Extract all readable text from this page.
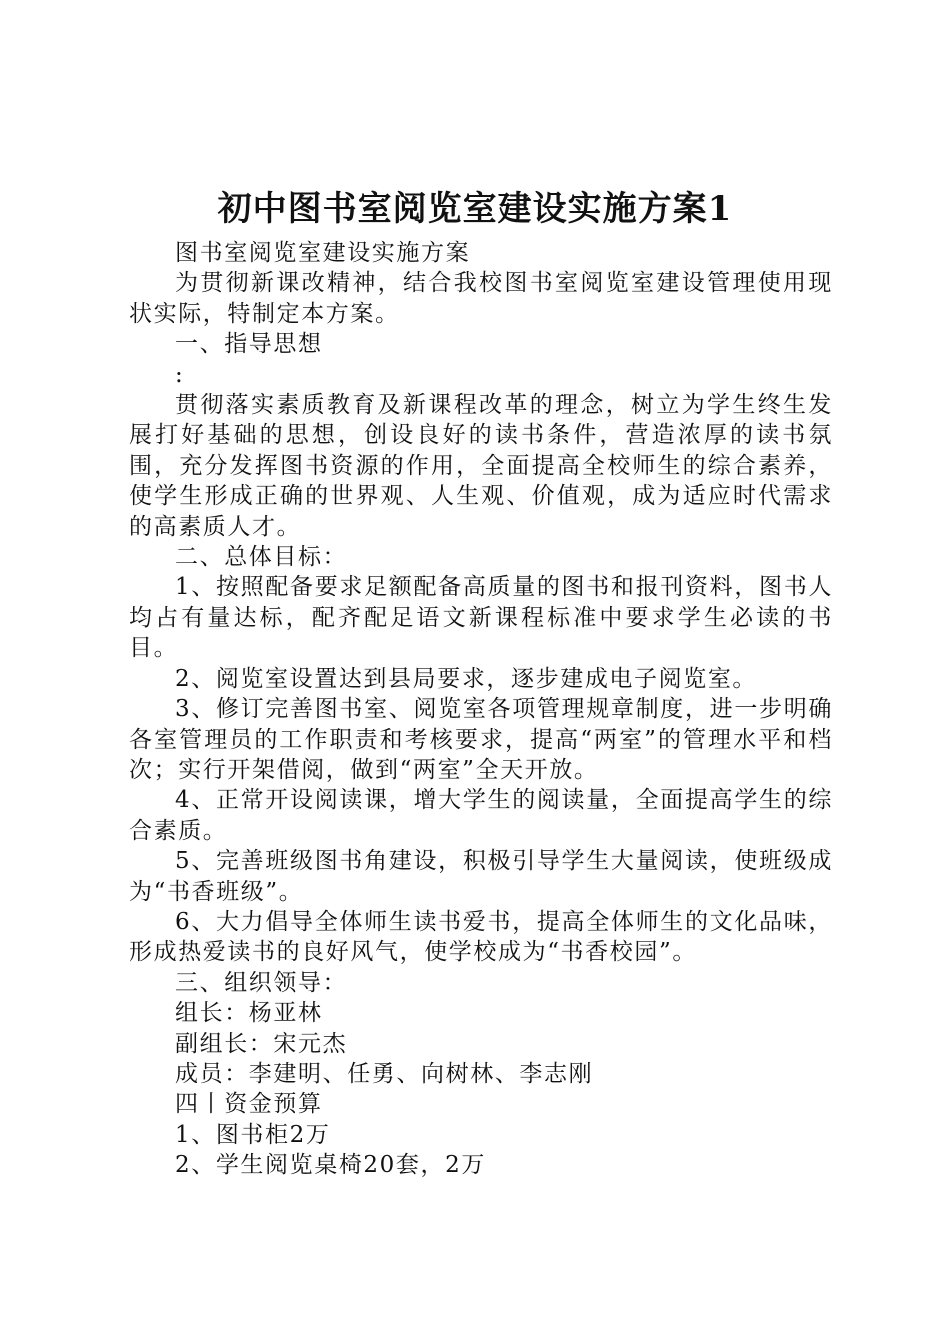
初中图书室阅览室建设实施方案1

图书室阅览室建设实施方案

为贯彻新课改精神，结合我校图书室阅览室建设管理使用现状实际，特制定本方案。

一、指导思想

:

贯彻落实素质教育及新课程改革的理念，树立为学生终生发展打好基础的思想，创设良好的读书条件，营造浓厚的读书氛围，充分发挥图书资源的作用，全面提高全校师生的综合素养，使学生形成正确的世界观、人生观、价值观，成为适应时代需求的高素质人才。

二、总体目标：

1、按照配备要求足额配备高质量的图书和报刊资料，图书人均占有量达标，配齐配足语文新课程标准中要求学生必读的书目。

2、阅览室设置达到县局要求，逐步建成电子阅览室。

3、修订完善图书室、阅览室各项管理规章制度，进一步明确各室管理员的工作职责和考核要求，提高“两室”的管理水平和档次；实行开架借阅，做到“两室”全天开放。

4、正常开设阅读课，增大学生的阅读量，全面提高学生的综合素质。

5、完善班级图书角建设，积极引导学生大量阅读，使班级成为“书香班级”。

6、大力倡导全体师生读书爱书，提高全体师生的文化品味，形成热爱读书的良好风气，使学校成为“书香校园”。

三、组织领导：

组长：杨亚林

副组长：宋元杰

成员：李建明、任勇、向树林、李志刚

四丨资金预算

1、图书柜2万

2、学生阅览桌椅20套，2万
